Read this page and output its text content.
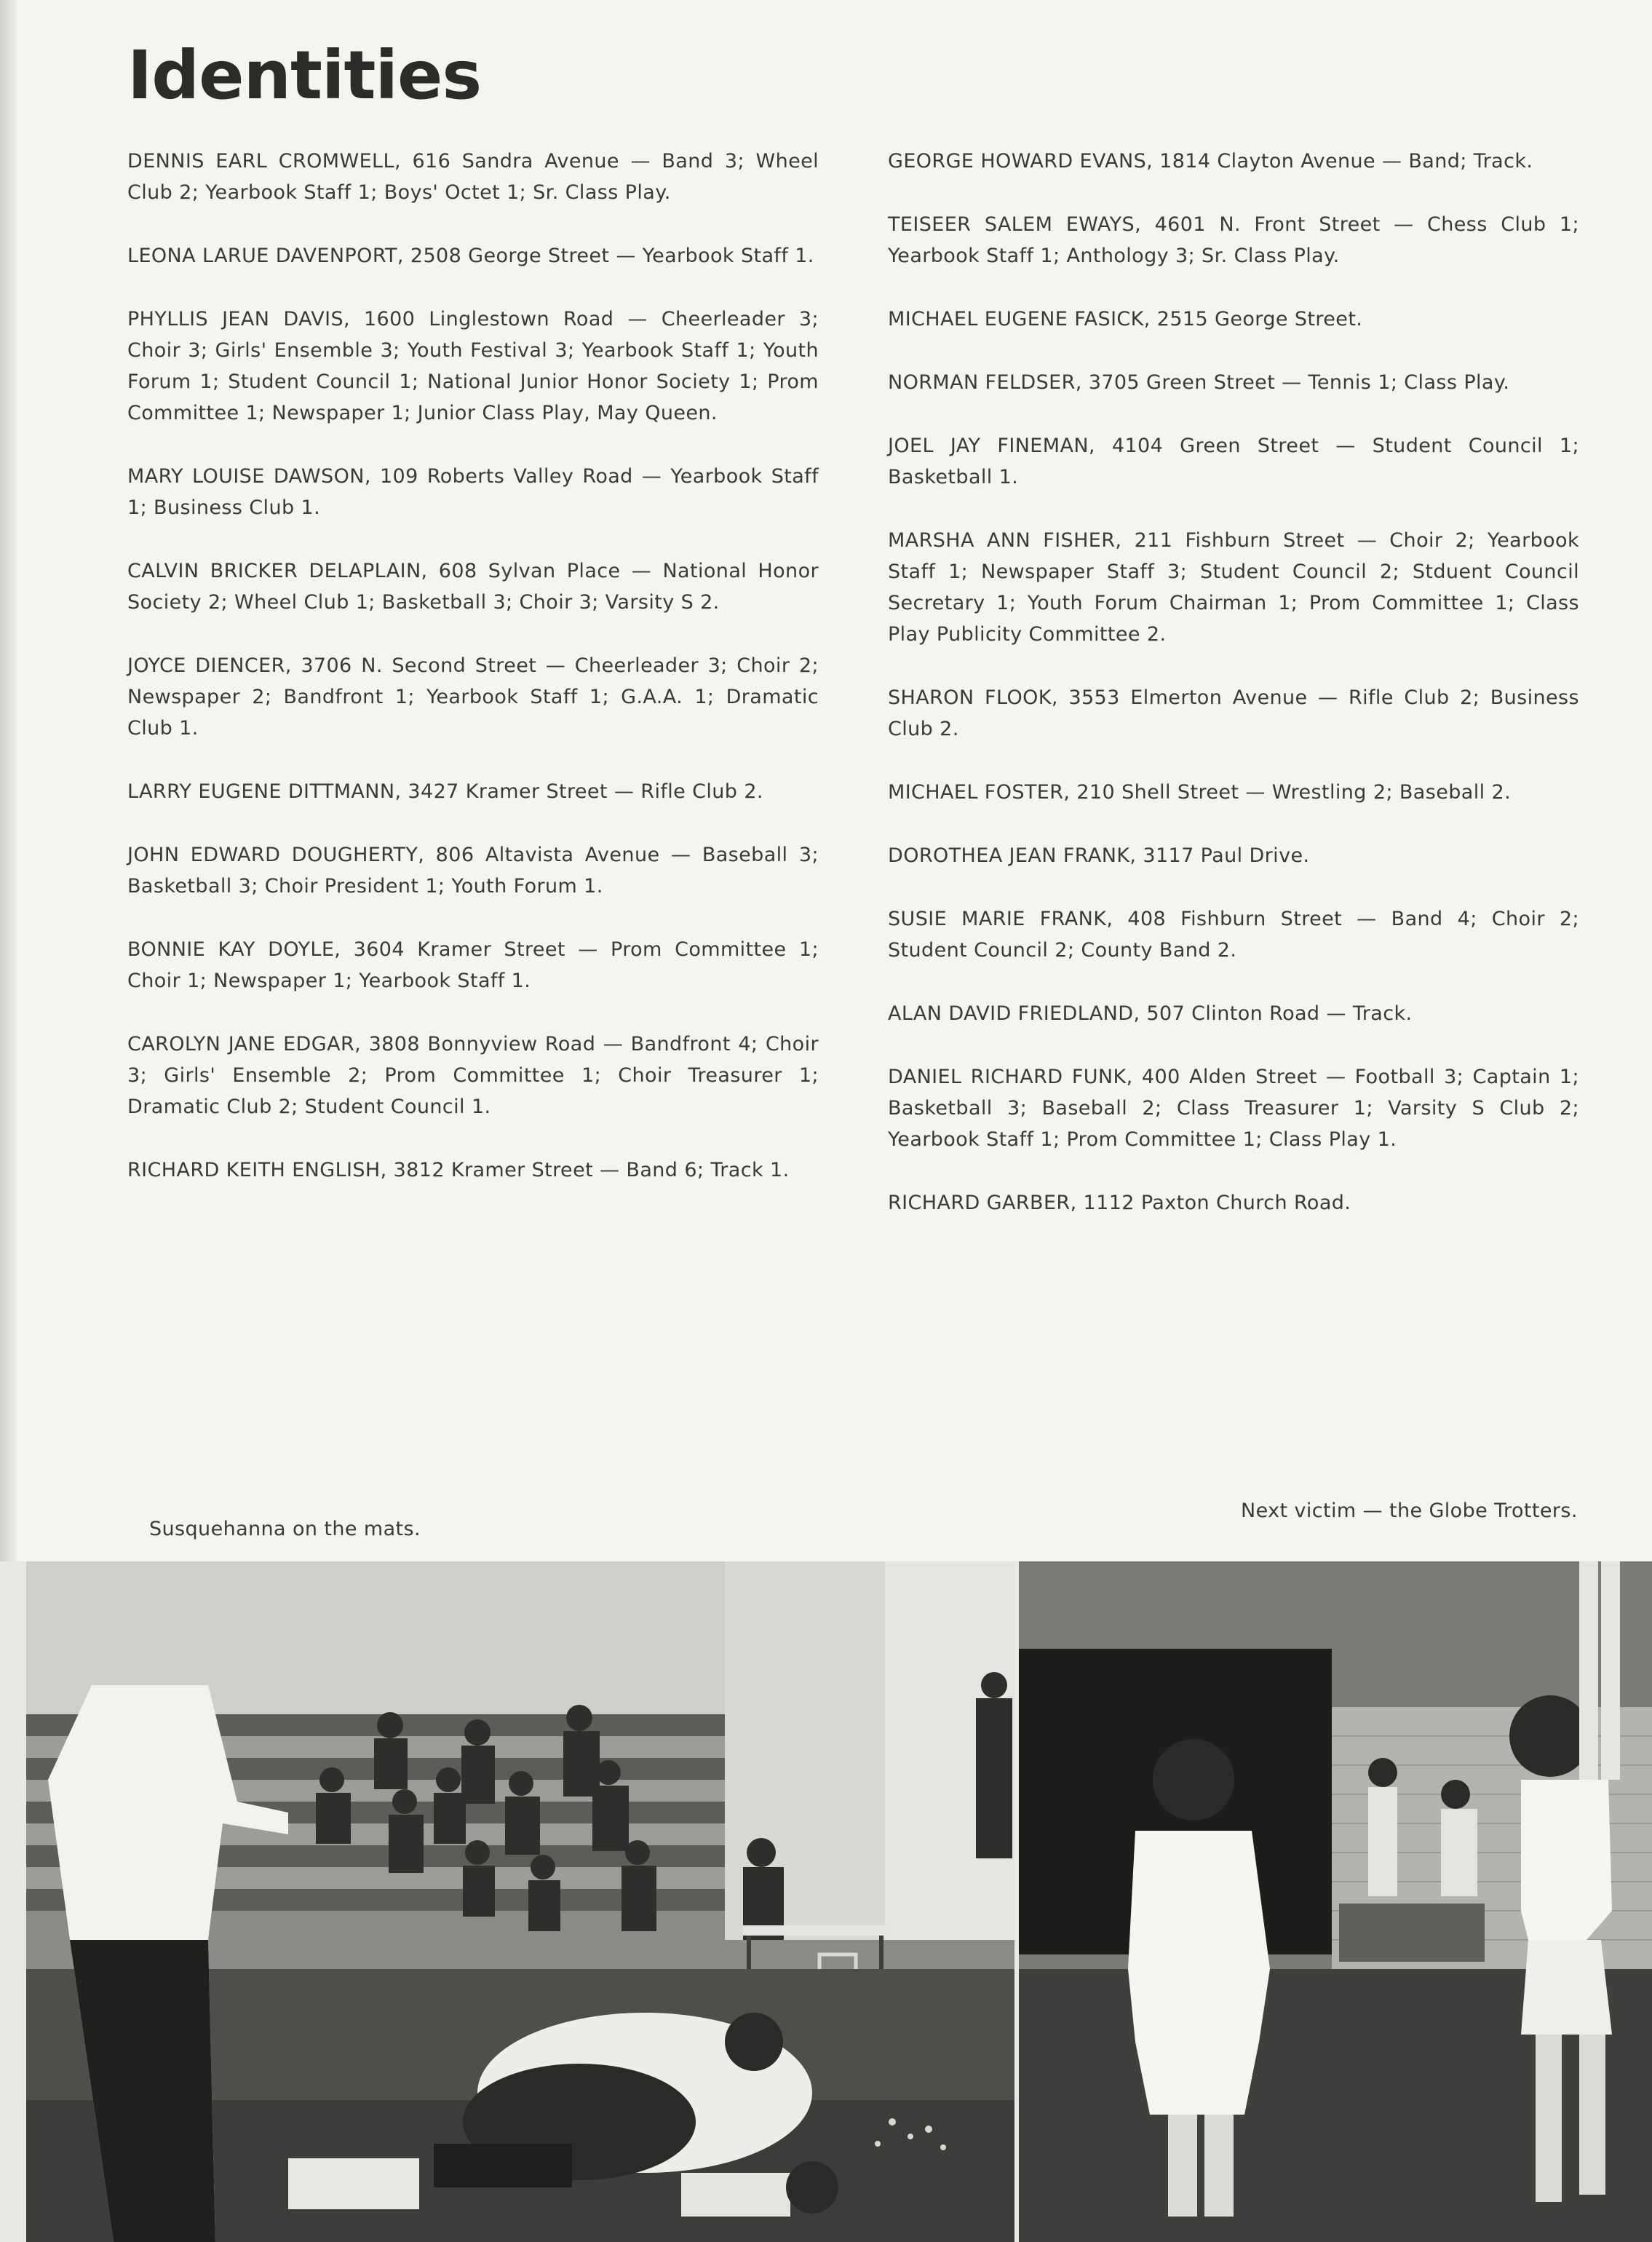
Identities

DENNIS EARL CROMWELL, 616 Sandra Avenue — Band 3; Wheel Club 2; Yearbook Staff 1; Boys' Octet 1; Sr. Class Play.

LEONA LARUE DAVENPORT, 2508 George Street — Yearbook Staff 1.

PHYLLIS JEAN DAVIS, 1600 Linglestown Road — Cheerleader 3; Choir 3; Girls' Ensemble 3; Youth Festival 3; Yearbook Staff 1; Youth Forum 1; Student Council 1; National Junior Honor Society 1; Prom Committee 1; Newspaper 1; Junior Class Play, May Queen.

MARY LOUISE DAWSON, 109 Roberts Valley Road — Yearbook Staff 1; Business Club 1.

CALVIN BRICKER DELAPLAIN, 608 Sylvan Place — National Honor Society 2; Wheel Club 1; Basketball 3; Choir 3; Varsity S 2.

JOYCE DIENCER, 3706 N. Second Street — Cheerleader 3; Choir 2; Newspaper 2; Bandfront 1; Yearbook Staff 1; G.A.A. 1; Dramatic Club 1.

LARRY EUGENE DITTMANN, 3427 Kramer Street — Rifle Club 2.

JOHN EDWARD DOUGHERTY, 806 Altavista Avenue — Baseball 3; Basketball 3; Choir President 1; Youth Forum 1.

BONNIE KAY DOYLE, 3604 Kramer Street — Prom Committee 1; Choir 1; Newspaper 1; Yearbook Staff 1.

CAROLYN JANE EDGAR, 3808 Bonnyview Road — Bandfront 4; Choir 3; Girls' Ensemble 2; Prom Committee 1; Choir Treasurer 1; Dramatic Club 2; Student Council 1.

RICHARD KEITH ENGLISH, 3812 Kramer Street — Band 6; Track 1.

GEORGE HOWARD EVANS, 1814 Clayton Avenue — Band; Track.

TEISEER SALEM EWAYS, 4601 N. Front Street — Chess Club 1; Yearbook Staff 1; Anthology 3; Sr. Class Play.

MICHAEL EUGENE FASICK, 2515 George Street.

NORMAN FELDSER, 3705 Green Street — Tennis 1; Class Play.

JOEL JAY FINEMAN, 4104 Green Street — Student Council 1; Basketball 1.

MARSHA ANN FISHER, 211 Fishburn Street — Choir 2; Yearbook Staff 1; Newspaper Staff 3; Student Council 2; Stduent Council Secretary 1; Youth Forum Chairman 1; Prom Committee 1; Class Play Publicity Committee 2.

SHARON FLOOK, 3553 Elmerton Avenue — Rifle Club 2; Business Club 2.

MICHAEL FOSTER, 210 Shell Street — Wrestling 2; Baseball 2.

DOROTHEA JEAN FRANK, 3117 Paul Drive.

SUSIE MARIE FRANK, 408 Fishburn Street — Band 4; Choir 2; Student Council 2; County Band 2.

ALAN DAVID FRIEDLAND, 507 Clinton Road — Track.

DANIEL RICHARD FUNK, 400 Alden Street — Football 3; Captain 1; Basketball 3; Baseball 2; Class Treasurer 1; Varsity S Club 2; Yearbook Staff 1; Prom Committee 1; Class Play 1.

RICHARD GARBER, 1112 Paxton Church Road.

Susquehanna on the mats.
Next victim — the Globe Trotters.
